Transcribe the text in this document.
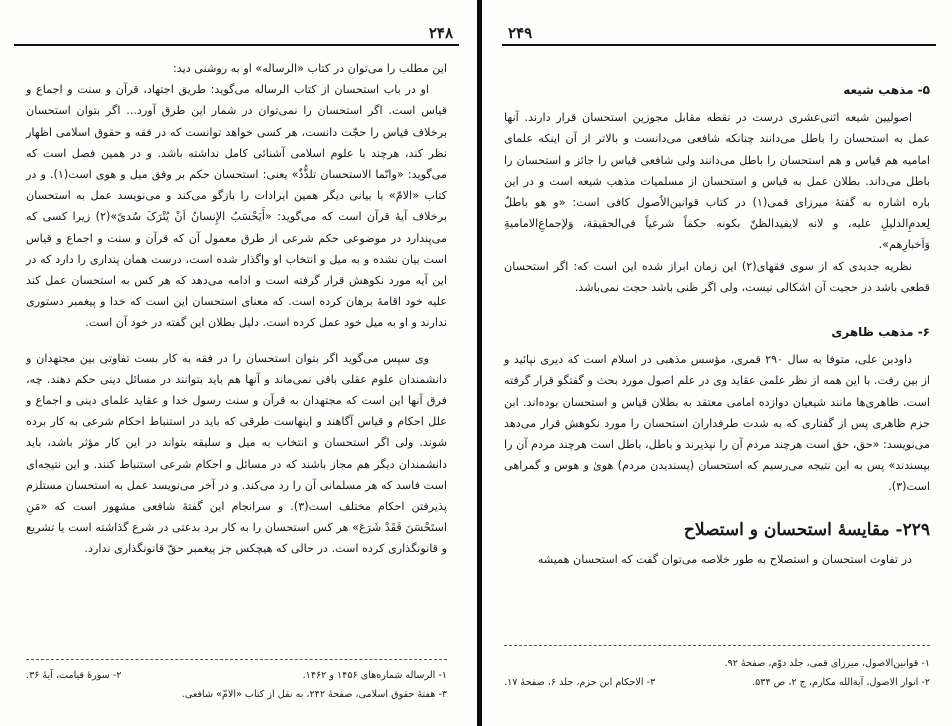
۲۴۸

این مطلب را می‌توان در کتاب «الرساله» او به روشنی دید:

او در باب استحسان از کتاب الرساله می‌گوید: طریق اجتهاد، قرآن و سنت و اجماع و قیاس است. اگر استحسان را نمی‌توان در شمار این طرق آورد... اگر بتوان استحسان برخلاف قیاس را حجّت دانست، هر کسی خواهد توانست که در فقه و حقوق اسلامی اظهار نظر کند، هرچند با علوم اسلامی آشنائی کامل نداشته باشد. و در همین فصل است که می‌گوید: «وانّما الاستحسان تلذُّذٌ» یعنی: استحسان حکم بر وفق میل و هوی است(۱). و در کتاب «الامّ» با بیانی دیگر همین ایرادات را بازگو می‌کند و می‌نویسد عمل به استحسان برخلاف آیهٔ قرآن است که می‌گوید: «أَیَحْسَبُ الإِنسانُ اَنْ یُتْرَکَ سُدیً»(۲) زیرا کسی که می‌پندارد در موضوعی حکم شرعی از طرق معمول آن که قرآن و سنت و اجماع و قیاس است بیان نشده و به میل و انتخاب او واگذار شده است، درست همان پنداری را دارد که در این آیه مورد نکوهش قرار گرفته است و ادامه می‌دهد که هر کس به استحسان عمل کند علیه خود اقامهٔ برهان کرده است. که معنای استحسان این است که خدا و پیغمبر دستوری ندارند و او به میل خود عمل کرده است. دلیل بطلان این گفته در خود آن است.

وی سپس می‌گوید اگر بتوان استحسان را در فقه به کار بست تفاوتی بین مجتهدان و دانشمندان علوم عقلی باقی نمی‌ماند و آنها هم باید بتوانند در مسائل دینی حکم دهند. چه، فرق آنها این است که مجتهدان به قرآن و سنت رسول خدا و عقاید علمای دینی و اجماع و علل احکام و قیاس آگاهند و اینهاست طرقی که باید در استنباط احکام شرعی به کار برده شوند. ولی اگر استحسان و انتخاب به میل و سلیقه بتواند در این کار مؤثر باشد، باید دانشمندان دیگر هم مجاز باشند که در مسائل و احکام شرعی استنباط کنند. و این نتیجه‌ای است فاسد که هر مسلمانی آن را رد می‌کند. و در آخر می‌نویسد عمل به استحسان مستلزم پذیرفتن احکام مختلف است(۳). و سرانجام این گفتهٔ شافعی مشهور است که «مَنِ استَحْسَنَ فَقَدْ شَرَعَ» هر کس استحسان را به کار برد بدعتی در شرع گذاشته است یا تشریع و قانونگذاری کرده است. در حالی که هیچکس جز پیغمبر حقّ قانونگذاری ندارد.

۱- الرساله شماره‌های ۱۴۵۶ و ۱۴۶۲.
۲- سورهٔ قیامت، آیهٔ ۳۶.
۳- هفتهٔ حقوق اسلامی، صفحهٔ ۲۴۲، به نقل از کتاب «الامّ» شافعی.
۲۴۹
۵- مذهب شیعه

اصولیین شیعه اثنی‌عشری درست در نقطه مقابل مجوزین استحسان قرار دارند. آنها عمل به استحسان را باطل می‌دانند چنانکه شافعی می‌دانست و بالاتر از آن اینکه علمای امامیه هم قیاس و هم استحسان را باطل می‌دانند ولی شافعی قیاس را جائز و استحسان را باطل می‌داند. بطلان عمل به قیاس و استحسان از مسلمیات مذهب شیعه است و در این باره اشاره به گفتهٔ میرزای قمی(۱) در کتاب قوانین‌الاُصول کافی است: «و هو باطلٌ لِعدمِ‌الدلیلِ علیه، و لانه لایفیدالظنّ بکونه حکماً شرعیاً فی‌الحقیقة، وَلإجماعِ‌الامامیةِ وَاَخبارِهم».

نظریه جدیدی که از سوی فقهای(۲) این زمان ابراز شده این است که: اگر استحسان قطعی باشد در حجیت آن اشکالی نیست، ولی اگر ظنی باشد حجت نمی‌باشد.

۶- مذهب ظاهری

داودبن علی، متوفا به سال ۲۹۰ قمری، مؤسس مذهبی در اسلام است که دیری نپائید و از بین رفت. با این همه از نظر علمی عقاید وی در علم اصول مورد بحث و گفتگو قرار گرفته است. ظاهری‌ها مانند شیعیان دوازده امامی معتقد به بطلان قیاس و استحسان بوده‌اند. ابن حزم ظاهری پس از گفتاری که به شدت طرفداران استحسان را مورد نکوهش قرار می‌دهد می‌نویسد: «حق، حق است هرچند مردم آن را نپذیرند و باطل، باطل است هرچند مردم آن را بپسندند» پس به این نتیجه می‌رسیم که استحسان (پسندیدن مردم) هویٰ و هوس و گمراهی است(۳).

۲۲۹- مقایسهٔ استحسان و استصلاح

در تفاوت استحسان و استصلاح به طور خلاصه می‌توان گفت که استحسان همیشه

۱- قوانین‌الاصول، میرزای قمی، جلد دوّم، صفحهٔ ۹۲.
۲- انوار الاصول، آیةالله مکارم، ج ۲، ص ۵۳۴.
۳- الاحکام ابن حزم، جلد ۶، صفحهٔ ۱۷.
